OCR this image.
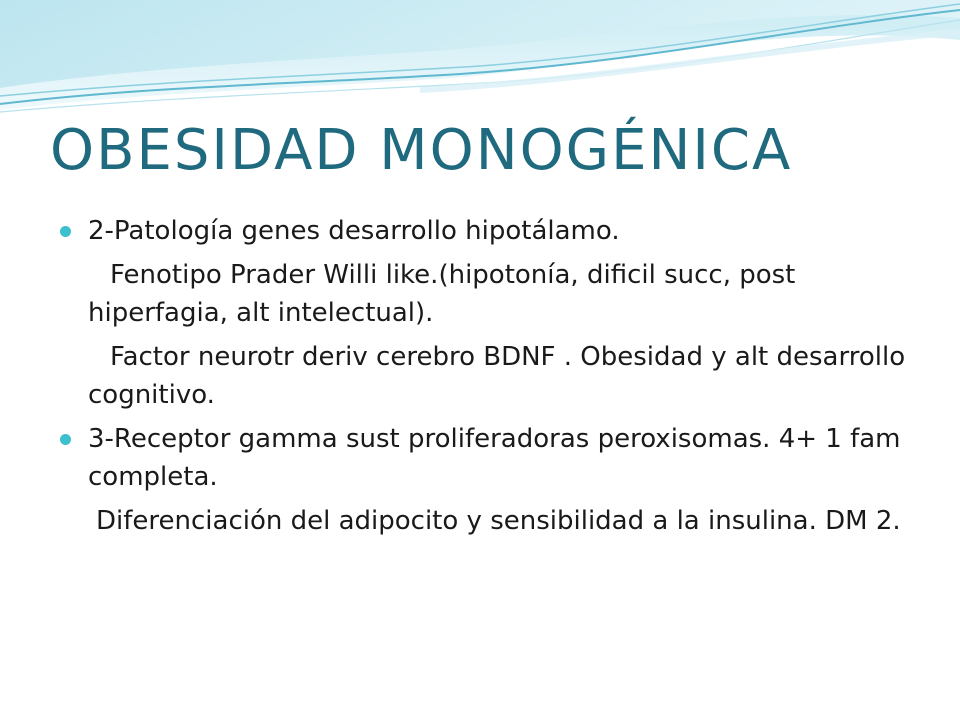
OBESIDAD MONOGÉNICA
2-Patología genes desarrollo hipotálamo.
Fenotipo Prader Willi like.(hipotonía, dificil succ, post hiperfagia, alt intelectual).
Factor neurotr deriv cerebro BDNF . Obesidad y alt desarrollo cognitivo.
3-Receptor gamma sust proliferadoras peroxisomas. 4+ 1 fam completa.
Diferenciación del adipocito y sensibilidad a la insulina. DM 2.
